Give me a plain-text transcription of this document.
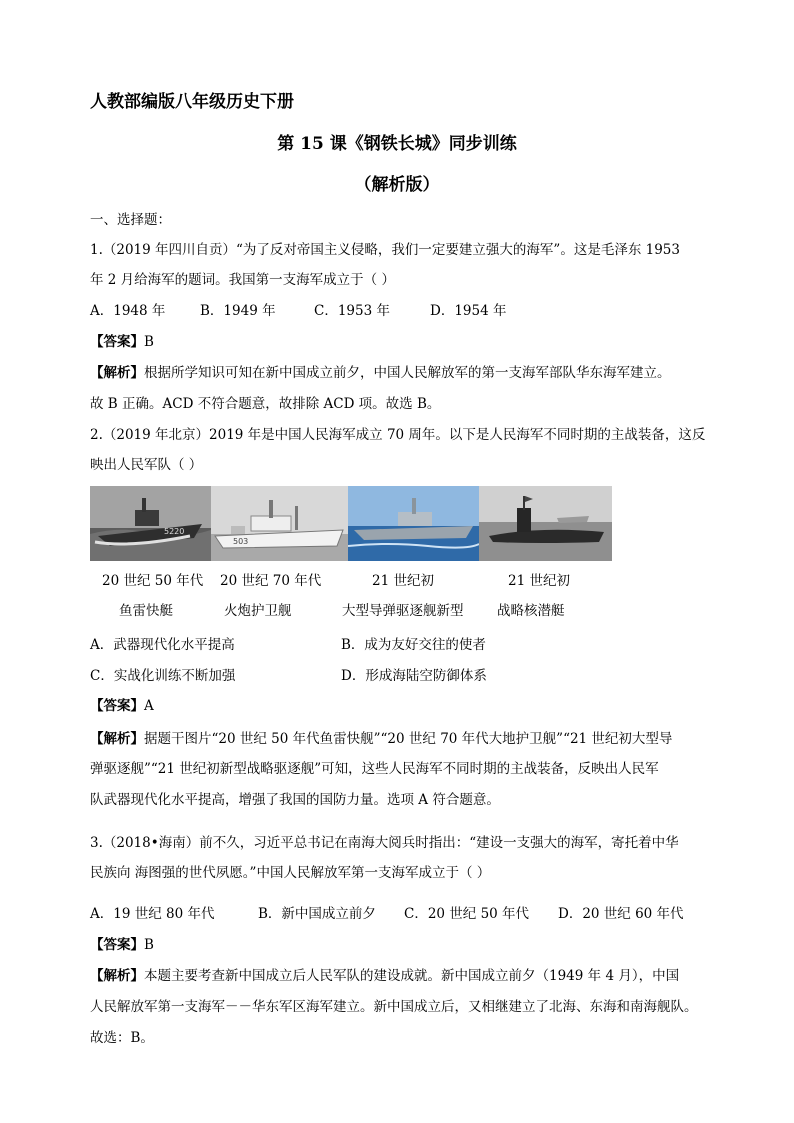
人教部编版八年级历史下册
第 15 课《钢铁长城》同步训练
（解析版）
一、选择题：
1.（2019 年四川自贡）“为了反对帝国主义侵略，我们一定要建立强大的海军”。这是毛泽东 1953
年 2 月给海军的题词。我国第一支海军成立于（ ）
A．1948 年	B．1949 年	C．1953 年	D．1954 年
【答案】B
【解析】根据所学知识可知在新中国成立前夕，中国人民解放军的第一支海军部队华东海军建立。
故 B 正确。ACD 不符合题意，故排除 ACD 项。故选 B。
2.（2019 年北京）2019 年是中国人民海军成立 70 周年。以下是人民海军不同时期的主战装备，这反
映出人民军队（ ）
5220
503
20 世纪 50 年代 20 世纪 70 年代	21 世纪初	21 世纪初
鱼雷快艇	火炮护卫舰	大型导弹驱逐舰新型 战略核潜艇
A．武器现代化水平提高	B．成为友好交往的使者
C．实战化训练不断加强	D．形成海陆空防御体系
【答案】A
【解析】据题干图片“20 世纪 50 年代鱼雷快舰”“20 世纪 70 年代大地护卫舰”“21 世纪初大型导
弹驱逐舰”“21 世纪初新型战略驱逐舰”可知，这些人民海军不同时期的主战装备，反映出人民军
队武器现代化水平提高，增强了我国的国防力量。选项 A 符合题意。
3.（2018•海南）前不久，习近平总书记在南海大阅兵时指出：“建设一支强大的海军，寄托着中华
民族向 海图强的世代夙愿。”中国人民解放军第一支海军成立于（ ）
A．19 世纪 80 年代	B．新中国成立前夕 C．20 世纪 50 年代 D．20 世纪 60 年代
【答案】B
【解析】本题主要考查新中国成立后人民军队的建设成就。新中国成立前夕（1949 年 4 月），中国
人民解放军第一支海军－－华东军区海军建立。新中国成立后，又相继建立了北海、东海和南海舰队。
故选：B。
